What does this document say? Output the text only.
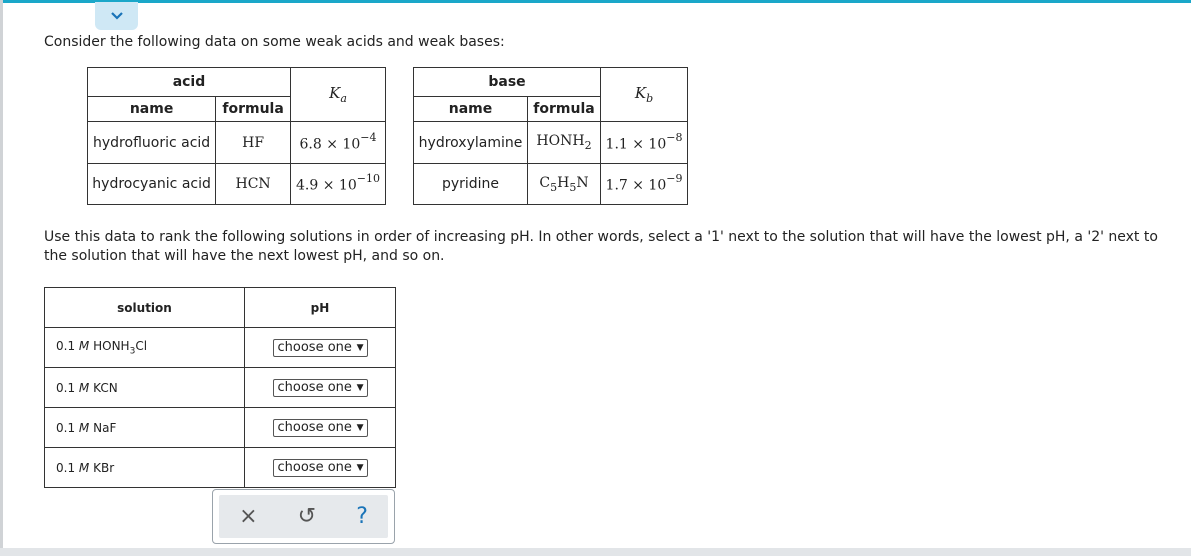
Consider the following data on some weak acids and weak bases:
acid		$K_a$
name	formula	
hydrofluoric acid	HF	$6.8 \times 10^{-4}$
hydrocyanic acid	HCN	$4.9 \times 10^{-10}$
base		$K_b$
name	formula	
hydroxylamine	$HONH_2$	$1.1 \times 10^{-8}$
pyridine	$C_5H_5N$	$1.7 \times 10^{-9}$
Use this data to rank the following solutions in order of increasing pH. In other words, select a '1' next to the solution that will have the lowest pH, a '2' next to
the solution that will have the next lowest pH, and so on.
solution	pH
0.1 M $HONH_3Cl$	choose one ▼

0.1 M KCN	choose one ▼

0.1 M NaF	choose one ▼

0.1 M KBr	choose one ▼
× ↺ ?
